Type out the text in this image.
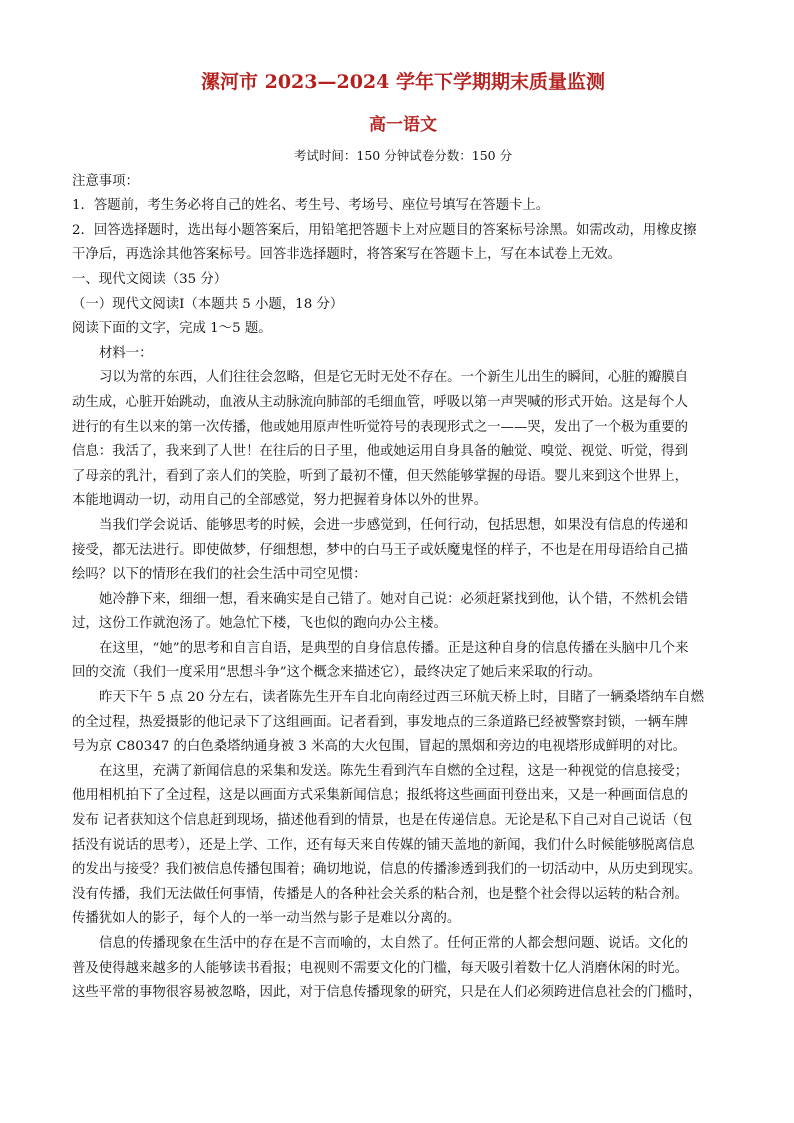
漯河市 2023—2024 学年下学期期末质量监测
高一语文
考试时间：150 分钟试卷分数：150 分
注意事项：
1．答题前，考生务必将自己的姓名、考生号、考场号、座位号填写在答题卡上。
2．回答选择题时，选出每小题答案后，用铅笔把答题卡上对应题目的答案标号涂黑。如需改动，用橡皮擦
干净后，再选涂其他答案标号。回答非选择题时，将答案写在答题卡上，写在本试卷上无效。
一、现代文阅读（35 分）
（一）现代文阅读Ⅰ（本题共 5 小题，18 分）
阅读下面的文字，完成 1～5 题。
材料一：

习以为常的东西，人们往往会忽略，但是它无时无处不存在。一个新生儿出生的瞬间，心脏的瓣膜自
动生成，心脏开始跳动，血液从主动脉流向肺部的毛细血管，呼吸以第一声哭喊的形式开始。这是每个人
进行的有生以来的第一次传播，他或她用原声性听觉符号的表现形式之一——哭，发出了一个极为重要的
信息：我活了，我来到了人世！在往后的日子里，他或她运用自身具备的触觉、嗅觉、视觉、听觉，得到
了母亲的乳汁，看到了亲人们的笑脸，听到了最初不懂，但天然能够掌握的母语。婴儿来到这个世界上，
本能地调动一切，动用自己的全部感觉，努力把握着身体以外的世界。

当我们学会说话、能够思考的时候，会进一步感觉到，任何行动，包括思想，如果没有信息的传递和
接受，都无法进行。即使做梦，仔细想想，梦中的白马王子或妖魔鬼怪的样子，不也是在用母语给自己描
绘吗？以下的情形在我们的社会生活中司空见惯：

她冷静下来，细细一想，看来确实是自己错了。她对自己说：必须赶紧找到他，认个错，不然机会错
过，这份工作就泡汤了。她急忙下楼，飞也似的跑向办公主楼。

在这里，“她”的思考和自言自语，是典型的自身信息传播。正是这种自身的信息传播在头脑中几个来
回的交流（我们一度采用“思想斗争”这个概念来描述它），最终决定了她后来采取的行动。

昨天下午 5 点 20 分左右，读者陈先生开车自北向南经过西三环航天桥上时，目睹了一辆桑塔纳车自燃
的全过程，热爱摄影的他记录下了这组画面。记者看到，事发地点的三条道路已经被警察封锁，一辆车牌
号为京 C80347 的白色桑塔纳通身被 3 米高的大火包围，冒起的黑烟和旁边的电视塔形成鲜明的对比。

在这里，充满了新闻信息的采集和发送。陈先生看到汽车自燃的全过程，这是一种视觉的信息接受；
他用相机拍下了全过程，这是以画面方式采集新闻信息；报纸将这些画面刊登出来，又是一种画面信息的
发布 记者获知这个信息赶到现场，描述他看到的情景，也是在传递信息。无论是私下自己对自己说话（包
括没有说话的思考），还是上学、工作，还有每天来自传媒的铺天盖地的新闻，我们什么时候能够脱离信息
的发出与接受？我们被信息传播包围着；确切地说，信息的传播渗透到我们的一切活动中，从历史到现实。
没有传播，我们无法做任何事情，传播是人的各种社会关系的粘合剂，也是整个社会得以运转的粘合剂。
传播犹如人的影子，每个人的一举一动当然与影子是难以分离的。

信息的传播现象在生活中的存在是不言而喻的，太自然了。任何正常的人都会想问题、说话。文化的
普及使得越来越多的人能够读书看报；电视则不需要文化的门槛，每天吸引着数十亿人消磨休闲的时光。
这些平常的事物很容易被忽略，因此，对于信息传播现象的研究，只是在人们必须跨进信息社会的门槛时，
